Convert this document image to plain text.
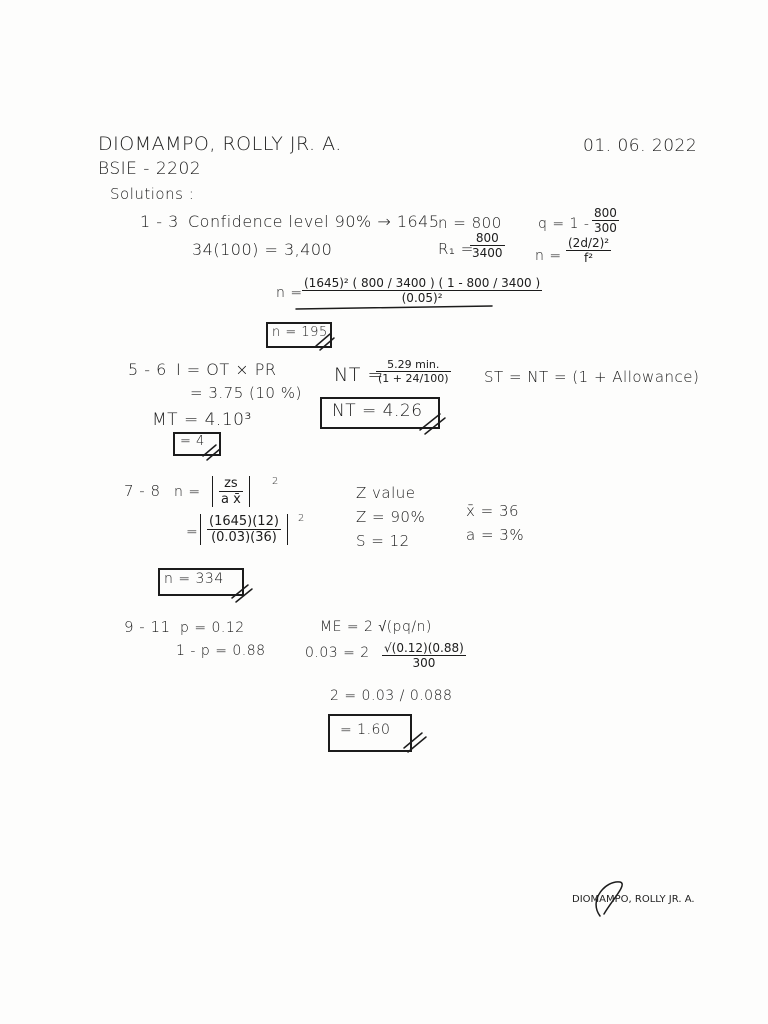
DIOMAMPO, ROLLY JR. A.	01. 06. 2022
BSIE - 2202
Solutions :
1 - 3 Confidence level 90% → 1645
n = 800
34(100) = 3,400	R₁ =
$\frac{800}{3400}$
$q = 1 - \frac{800}{300}$
$n = \frac{\text{(2d/2)²}}{\text{f²}}$
$n = \frac{\text{(1645)² ( 800 / 3400 ) ( 1 - 800 / 3400 )}}{\text{(0.05)²}}$
n = 195
5 - 6 I = OT × PR
= 3.75 (10 %)
MT = 4.10³
= 4
NT = 5.29 min.
(1 + 24/100)
NT = 4.26
ST = NT = (1 + Allowance)
7 - 8 $n = \frac{zs}{\text{a x̄}} 2$
= $\frac{(1645)(12)}{(0.03)(36)} 2$
Z value
Z = 90%
S = 12
x̄ = 36
a = 3%
n = 334
9 - 11 p = 0.12
1 - p = 0.88
ME = 2 √(pq/n)
$0.03 = 2 \frac{√(0.12)(0.88)}{300}$
2 = 0.03 / 0.088
= 1.60
DIOMAMPO, ROLLY JR. A.
